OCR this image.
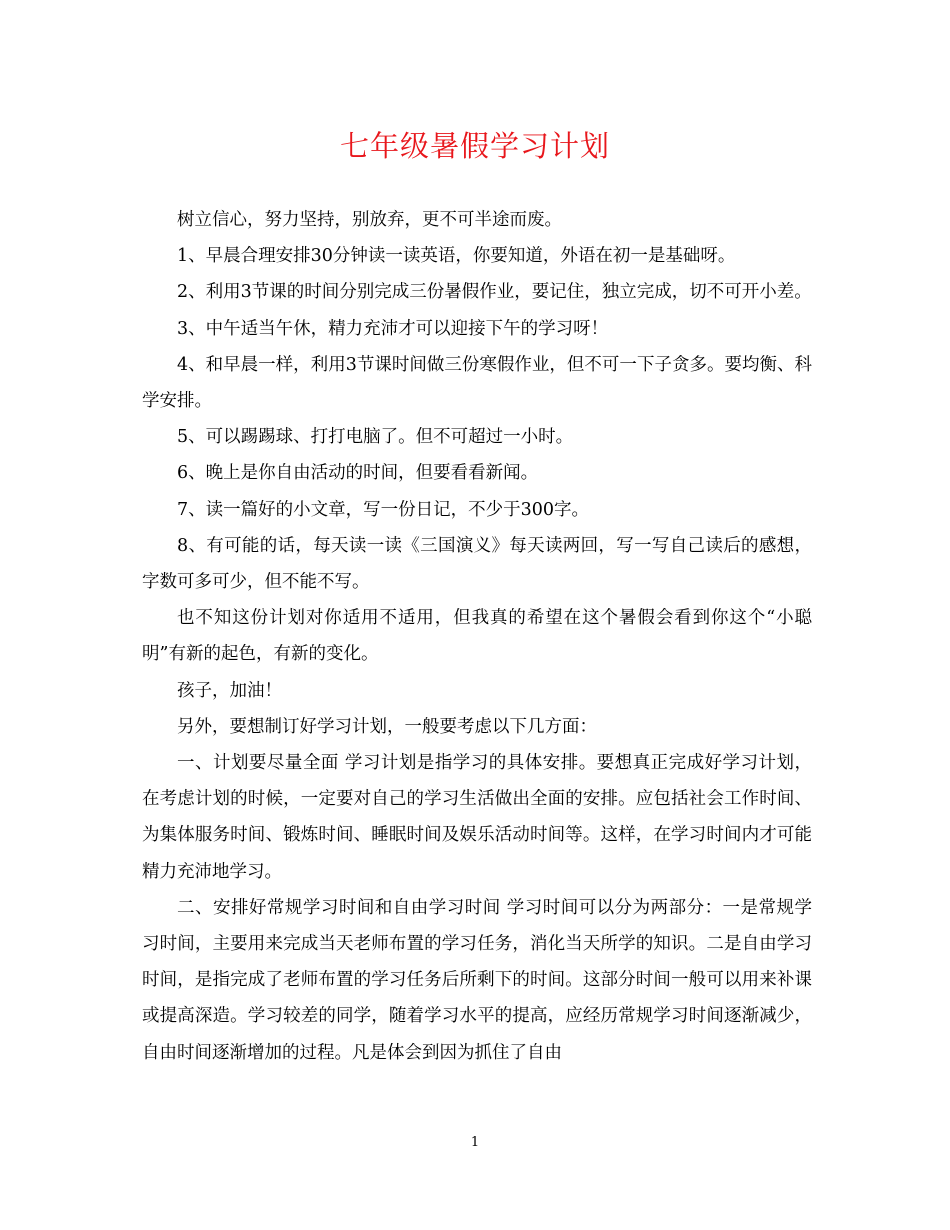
七年级暑假学习计划

树立信心，努力坚持，别放弃，更不可半途而废。

1、早晨合理安排30分钟读一读英语，你要知道，外语在初一是基础呀。

2、利用3节课的时间分别完成三份暑假作业，要记住，独立完成，切不可开小差。

3、中午适当午休，精力充沛才可以迎接下午的学习呀！

4、和早晨一样，利用3节课时间做三份寒假作业，但不可一下子贪多。要均衡、科学安排。

5、可以踢踢球、打打电脑了。但不可超过一小时。

6、晚上是你自由活动的时间，但要看看新闻。

7、读一篇好的小文章，写一份日记，不少于300字。

8、有可能的话，每天读一读《三国演义》每天读两回，写一写自己读后的感想，字数可多可少，但不能不写。

也不知这份计划对你适用不适用，但我真的希望在这个暑假会看到你这个“小聪明”有新的起色，有新的变化。

孩子，加油！

另外，要想制订好学习计划，一般要考虑以下几方面：

一、计划要尽量全面 学习计划是指学习的具体安排。要想真正完成好学习计划，在考虑计划的时候，一定要对自己的学习生活做出全面的安排。应包括社会工作时间、为集体服务时间、锻炼时间、睡眠时间及娱乐活动时间等。这样，在学习时间内才可能精力充沛地学习。

二、安排好常规学习时间和自由学习时间 学习时间可以分为两部分：一是常规学习时间，主要用来完成当天老师布置的学习任务，消化当天所学的知识。二是自由学习时间，是指完成了老师布置的学习任务后所剩下的时间。这部分时间一般可以用来补课或提高深造。学习较差的同学，随着学习水平的提高，应经历常规学习时间逐渐减少，自由时间逐渐增加的过程。凡是体会到因为抓住了自由

1
